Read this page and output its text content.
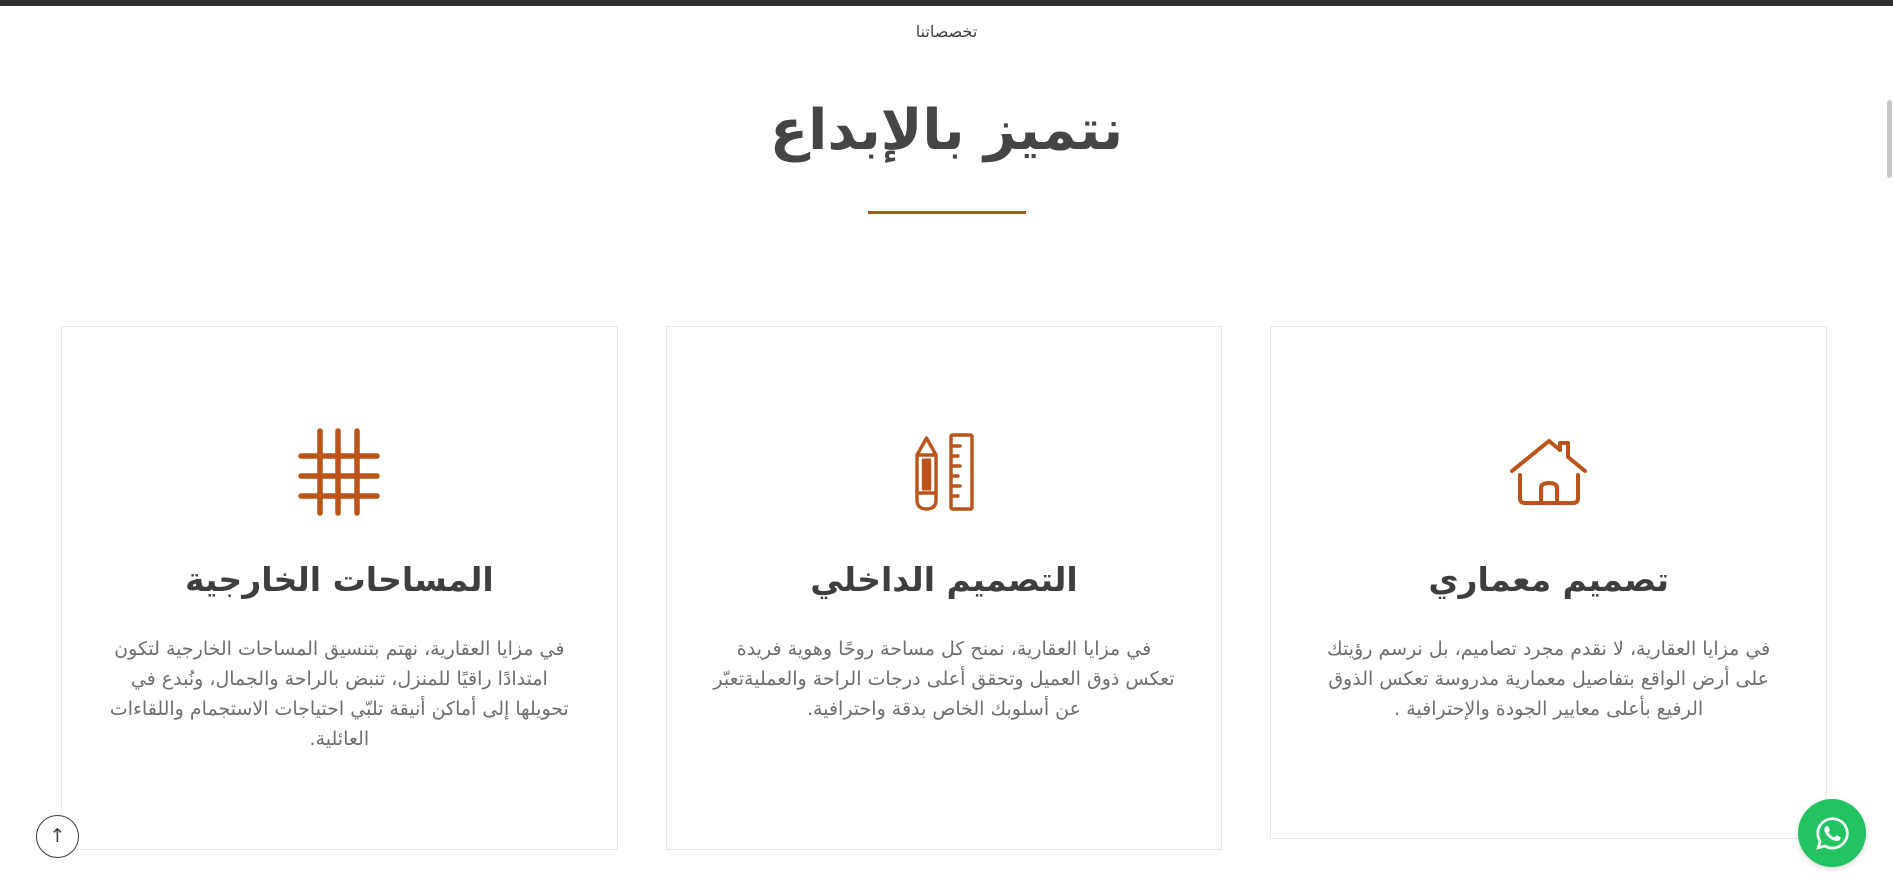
تخصصاتنا
نتميز بالإبداع
تصميم معماري

في مزايا العقارية، لا نقدم مجرد تصاميم، بل نرسم رؤيتك على أرض الواقع بتفاصيل معمارية مدروسة تعكس الذوق الرفيع بأعلى معايير الجودة والإحترافية .

التصميم الداخلي

في مزايا العقارية، نمنح كل مساحة روحًا وهوية فريدة تعكس ذوق العميل وتحقق أعلى درجات الراحة والعمليةتعبّر عن أسلوبك الخاص بدقة واحترافية.

المساحات الخارجية

في مزايا العقارية، نهتم بتنسيق المساحات الخارجية لتكون امتدادًا راقيًا للمنزل، تنبض بالراحة والجمال، ونُبدع في تحويلها إلى أماكن أنيقة تلبّي احتياجات الاستجمام واللقاءات العائلية.

↑
